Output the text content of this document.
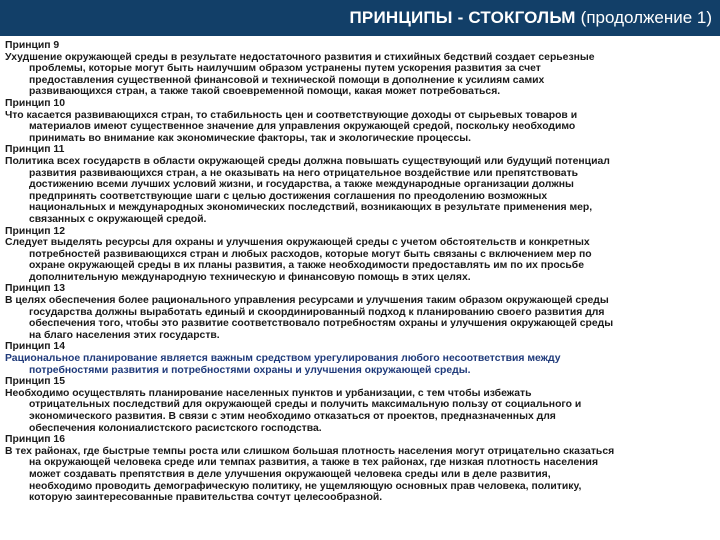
ПРИНЦИПЫ - СТОКГОЛЬМ (продолжение 1)
Принцип 9
Ухудшение окружающей среды в результате недостаточного развития и стихийных бедствий создает серьезные
проблемы, которые могут быть наилучшим образом устранены путем ускорения развития за счет
предоставления существенной финансовой и технической помощи в дополнение к усилиям самих
развивающихся стран, а также такой своевременной помощи, какая может потребоваться.
Принцип 10
Что касается развивающихся стран, то стабильность цен и соответствующие доходы от сырьевых товаров и
материалов имеют существенное значение для управления окружающей средой, поскольку необходимо
принимать во внимание как экономические факторы, так и экологические процессы.
Принцип 11
Политика всех государств в области окружающей среды должна повышать существующий или будущий потенциал
развития развивающихся стран, а не оказывать на него отрицательное воздействие или препятствовать
достижению всеми лучших условий жизни, и государства, а также международные организации должны
предпринять соответствующие шаги с целью достижения соглашения по преодолению возможных
национальных и международных экономических последствий, возникающих в результате применения мер,
связанных с окружающей средой.
Принцип 12
Следует выделять ресурсы для охраны и улучшения окружающей среды с учетом обстоятельств и конкретных
потребностей развивающихся стран и любых расходов, которые могут быть связаны с включением мер по
охране окружающей среды в их планы развития, а также необходимости предоставлять им по их просьбе
дополнительную международную техническую и финансовую помощь в этих целях.
Принцип 13
В целях обеспечения более рационального управления ресурсами и улучшения таким образом окружающей среды
государства должны выработать единый и скоординированный подход к планированию своего развития для
обеспечения того, чтобы это развитие соответствовало потребностям охраны и улучшения окружающей среды
на благо населения этих государств.
Принцип 14
Рациональное планирование является важным средством урегулирования любого несоответствия между
потребностями развития и потребностями охраны и улучшения окружающей среды.
Принцип 15
Необходимо осуществлять планирование населенных пунктов и урбанизации, с тем чтобы избежать
отрицательных последствий для окружающей среды и получить максимальную пользу от социального и
экономического развития. В связи с этим необходимо отказаться от проектов, предназначенных для
обеспечения колониалистского расистского господства.
Принцип 16
В тех районах, где быстрые темпы роста или слишком большая плотность населения могут отрицательно сказаться
на окружающей человека среде или темпах развития, а также в тех районах, где низкая плотность населения
может создавать препятствия в деле улучшения окружающей человека среды или в деле развития,
необходимо проводить демографическую политику, не ущемляющую основных прав человека, политику,
которую заинтересованные правительства сочтут целесообразной.
